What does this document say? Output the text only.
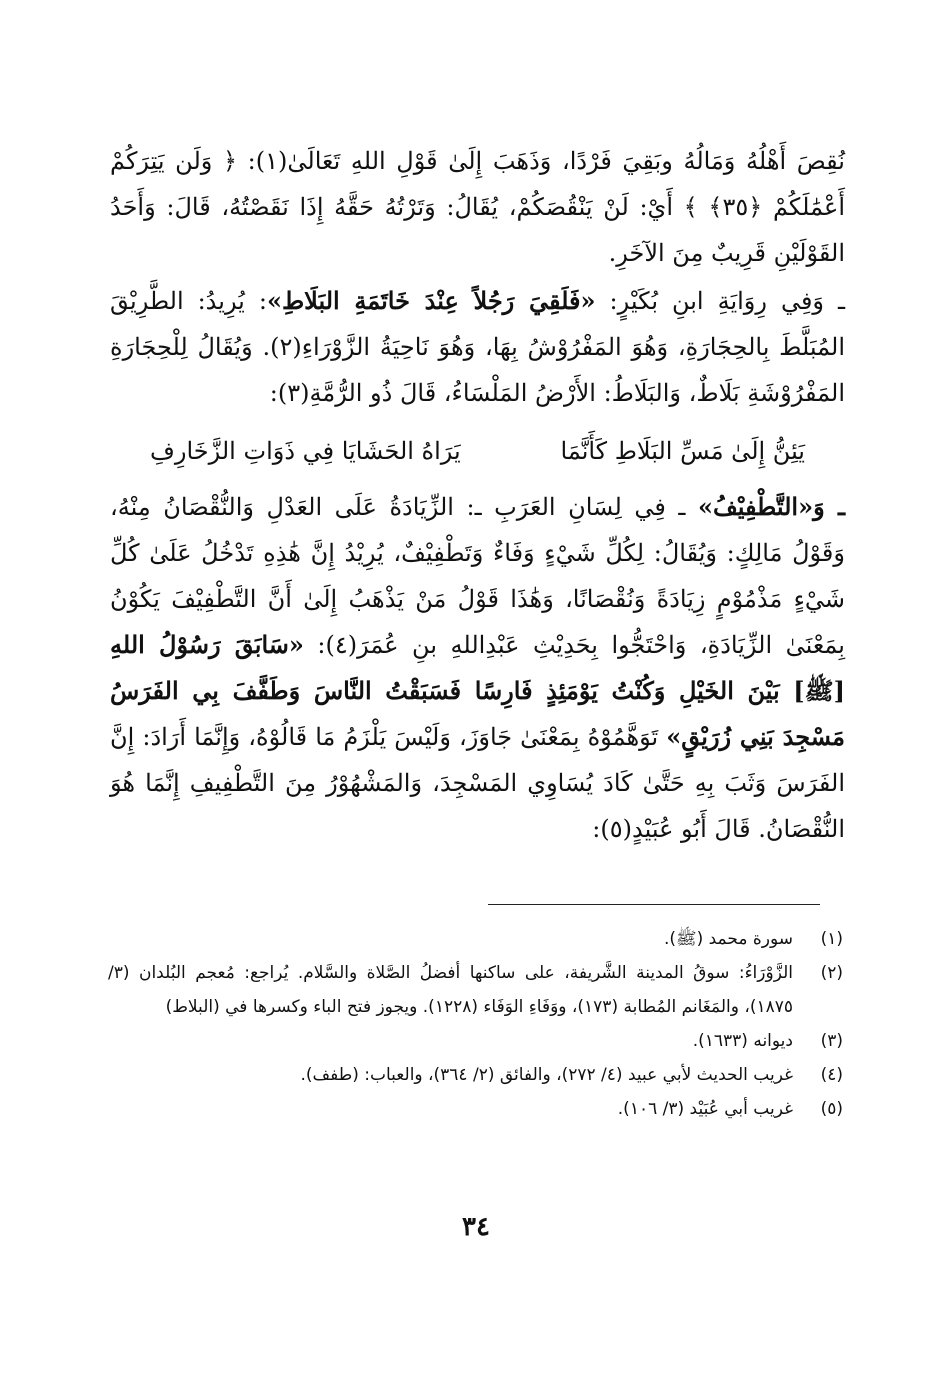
نُقِصَ أَهْلُهُ وَمَالُهُ وبَقِيَ فَرْدًا، وَذَهَبَ إِلَىٰ قَوْلِ اللهِ تَعَالَىٰ(١): ﴿ وَلَن يَتِرَكُمْ أَعْمَٰلَكُمْ ﴿٣٥﴾ ﴾ أَيْ: لَنْ يَنْقُصَكُمْ، يُقَالُ: وَتَرْتُهُ حَقَّهُ إِذَا نَقَصْتُهُ، قَالَ: وَأَحَدُ القَوْلَيْنِ قَرِيبٌ مِنَ الآخَرِ.

ـ وَفِي رِوَايَةِ ابنِ بُكَيْرٍ: «فَلَقِيَ رَجُلاً عِنْدَ خَاتَمَةِ البَلَاطِ»: يُرِيدُ: الطَّرِيْقَ المُبَلَّطَ بِالحِجَارَةِ، وَهُوَ المَفْرُوْشُ بِهَا، وَهُوَ نَاحِيَةُ الزَّوْرَاءِ(٢). وَيُقَالُ لِلْحِجَارَةِ المَفْرُوْشَةِ بَلَاطٌ، وَالبَلَاطُ: الأَرْضُ المَلْسَاءُ، قَالَ ذُو الرُّمَّةِ(٣):

يَئِنُّ إِلَىٰ مَسِّ البَلَاطِ كَأَنَّمَا
يَرَاهُ الحَشَايَا فِي ذَوَاتِ الزَّخَارِفِ

ـ وَ«التَّطْفِيْفُ» ـ فِي لِسَانِ العَرَبِ ـ: الزِّيَادَةُ عَلَى العَدْلِ وَالنُّقْصَانُ مِنْهُ، وَقَوْلُ مَالِكٍ: وَيُقَالُ: لِكُلِّ شَيْءٍ وَفَاءٌ وَتَطْفِيْفٌ، يُرِيْدُ إِنَّ هَٰذِهِ تَدْخُلُ عَلَىٰ كُلِّ شَيْءٍ مَذْمُوْمٍ زِيَادَةً وَنُقْصَانًا، وَهَٰذَا قَوْلُ مَنْ يَذْهَبُ إِلَىٰ أَنَّ التَّطْفِيْفَ يَكُوْنُ بِمَعْنَىٰ الزِّيَادَةِ، وَاحْتَجُّوا بِحَدِيْثِ عَبْدِاللهِ بنِ عُمَرَ(٤): «سَابَقَ رَسُوْلُ اللهِ [ﷺ] بَيْنَ الخَيْلِ وَكُنْتُ يَوْمَئِذٍ فَارِسًا فَسَبَقْتُ النَّاسَ وَطَفَّفَ بِي الفَرَسُ مَسْجِدَ بَنِي زُرَيْقٍ» تَوَهَّمُوْهُ بِمَعْنَىٰ جَاوَزَ، وَلَيْسَ يَلْزَمُ مَا قَالُوْهُ، وَإِنَّمَا أَرَادَ: إِنَّ الفَرَسَ وَثَبَ بِهِ حَتَّىٰ كَادَ يُسَاوِي المَسْجِدَ، وَالمَشْهُوْرُ مِنَ التَّطْفِيفِ إِنَّمَا هُوَ النُّقْصَانُ. قَالَ أَبُو عُبَيْدٍ(٥):

(١)
سورة محمد (ﷺ).
(٢)
الزَّوْرَاءُ: سوقُ المدينة الشَّريفة، على ساكنها أفضلُ الصَّلاة والسَّلام. يُراجع: مُعجم البُلدان (٣/ ١٨٧٥)، والمَغَانم المُطابة (١٧٣)، ووَفَاءِ الوَفَاء (١٢٢٨). ويجوز فتح الباء وكسرها في (البلاط)
(٣)
ديوانه (١٦٣٣).
(٤)
غريب الحديث لأبي عبيد (٤/ ٢٧٢)، والفائق (٢/ ٣٦٤)، والعباب: (طفف).
(٥)
غريب أبي عُبَيْد (٣/ ١٠٦).
٣٤
